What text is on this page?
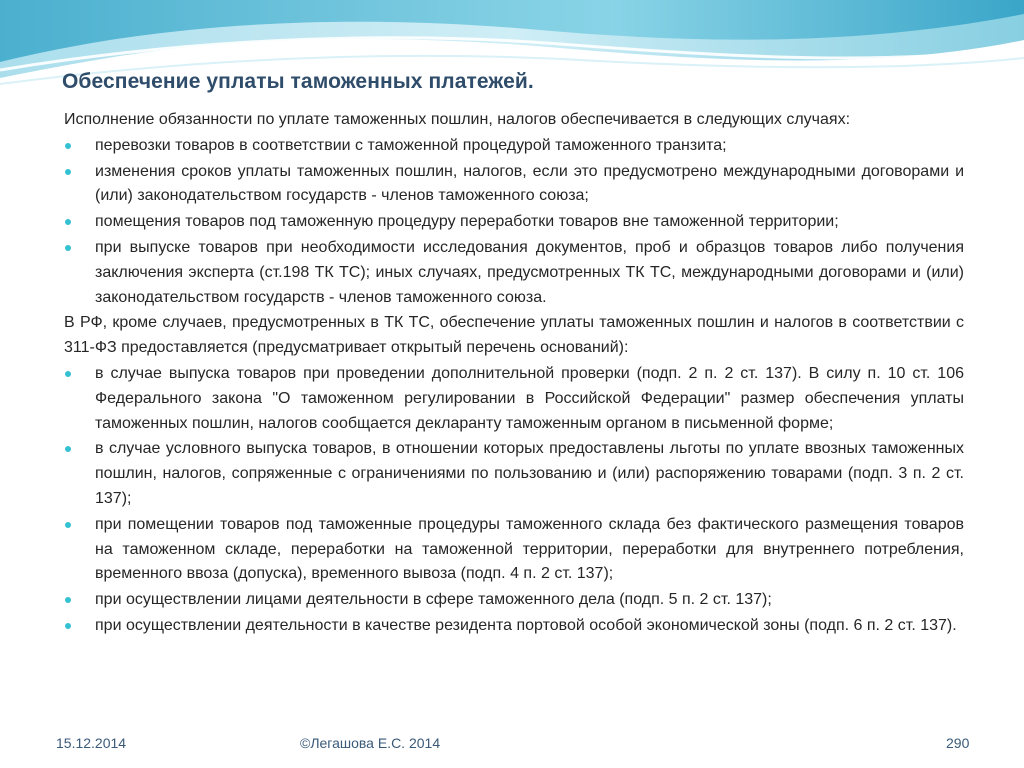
Обеспечение уплаты таможенных платежей.

Исполнение обязанности по уплате таможенных пошлин, налогов обеспечивается в следующих случаях:

перевозки товаров в соответствии с таможенной процедурой таможенного транзита;
изменения сроков уплаты таможенных пошлин, налогов, если это предусмотрено международными договорами и (или) законодательством государств - членов таможенного союза;
помещения товаров под таможенную процедуру переработки товаров вне таможенной территории;
при выпуске товаров при необходимости исследования документов, проб и образцов товаров либо получения заключения эксперта (ст.198 ТК ТС); иных случаях, предусмотренных ТК ТС, международными договорами и (или) законодательством государств - членов таможенного союза.

В РФ, кроме случаев, предусмотренных в ТК ТС, обеспечение уплаты таможенных пошлин и налогов в соответствии с 311-ФЗ предоставляется (предусматривает открытый перечень оснований):

в случае выпуска товаров при проведении дополнительной проверки (подп. 2 п. 2 ст. 137). В силу п. 10 ст. 106 Федерального закона "О таможенном регулировании в Российской Федерации" размер обеспечения уплаты таможенных пошлин, налогов сообщается декларанту таможенным органом в письменной форме;
в случае условного выпуска товаров, в отношении которых предоставлены льготы по уплате ввозных таможенных пошлин, налогов, сопряженные с ограничениями по пользованию и (или) распоряжению товарами (подп. 3 п. 2 ст. 137);
при помещении товаров под таможенные процедуры таможенного склада без фактического размещения товаров на таможенном складе, переработки на таможенной территории, переработки для внутреннего потребления, временного ввоза (допуска), временного вывоза (подп. 4 п. 2 ст. 137);
при осуществлении лицами деятельности в сфере таможенного дела (подп. 5 п. 2 ст. 137);
при осуществлении деятельности в качестве резидента портовой особой экономической зоны (подп. 6 п. 2 ст. 137).
15.12.2014	©Легашова Е.С. 2014	290
